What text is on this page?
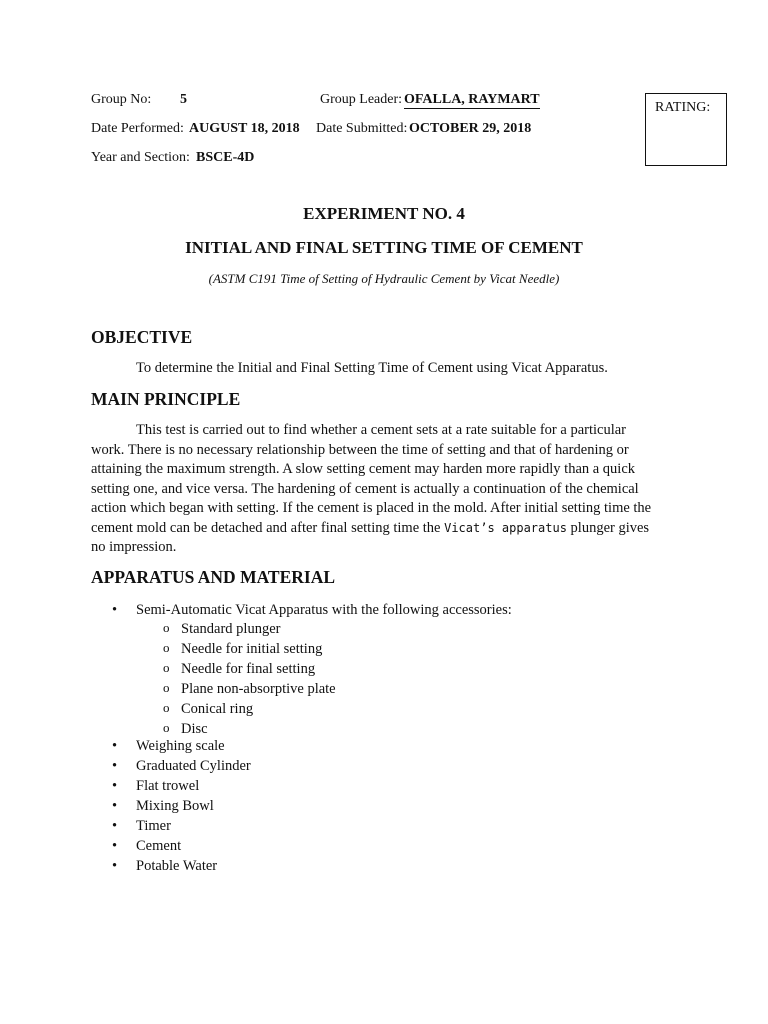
Group No: 5	Group Leader: OFALLA, RAYMART
Date Performed: AUGUST 18, 2018 Date Submitted: OCTOBER 29, 2018
Year and Section: BSCE-4D
RATING:
EXPERIMENT NO. 4
INITIAL AND FINAL SETTING TIME OF CEMENT
(ASTM C191 Time of Setting of Hydraulic Cement by Vicat Needle)
OBJECTIVE

To determine the Initial and Final Setting Time of Cement using Vicat Apparatus.

MAIN PRINCIPLE

This test is carried out to find whether a cement sets at a rate suitable for a particular work. There is no necessary relationship between the time of setting and that of hardening or attaining the maximum strength. A slow setting cement may harden more rapidly than a quick setting one, and vice versa. The hardening of cement is actually a continuation of the chemical action which began with setting. If the cement is placed in the mold. After initial setting time the cement mold can be detached and after final setting time the Vicat’s apparatus plunger gives no impression.

APPARATUS AND MATERIAL
• Semi-Automatic Vicat Apparatus with the following accessories:
o Standard plunger
o Needle for initial setting
o Needle for final setting
o Plane non-absorptive plate
o Conical ring
o Disc
• Weighing scale
• Graduated Cylinder
• Flat trowel
• Mixing Bowl
• Timer
• Cement
• Potable Water
